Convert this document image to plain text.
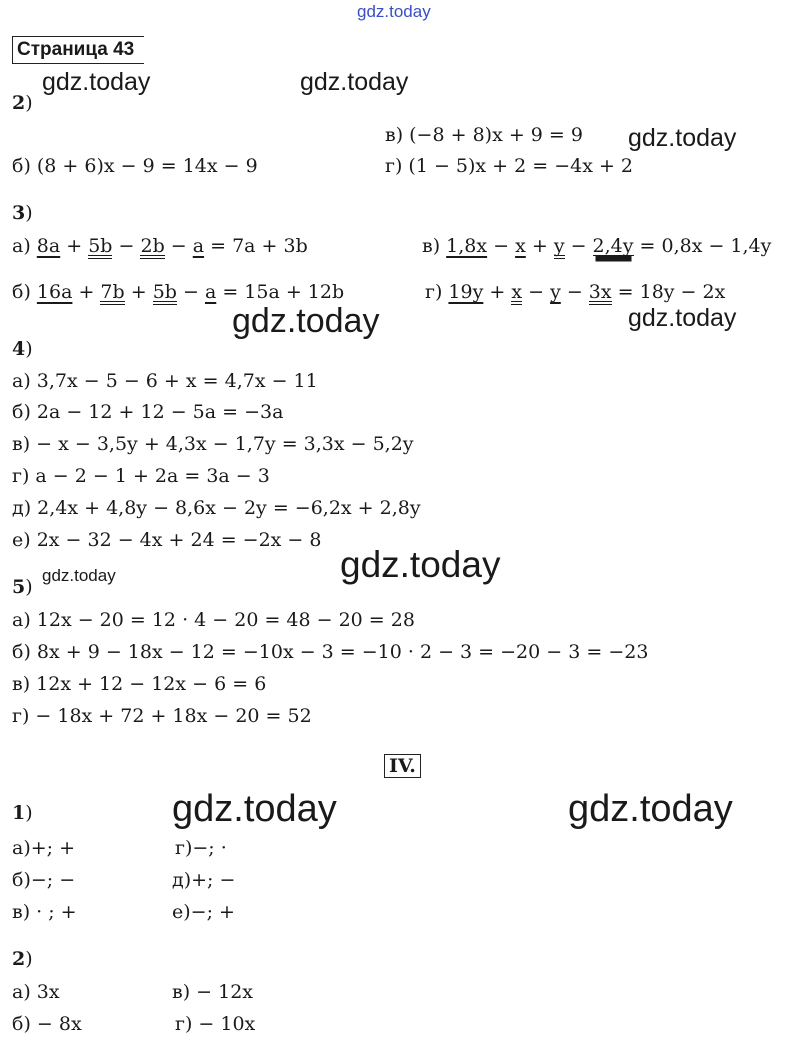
gdz.today
Страница 43
gdz.today	gdz.today
gdz.today
gdz.today	gdz.today
gdz.today
gdz.today
gdz.today	gdz.today
2)
в) (−8 + 8)x + 9 = 9
б) (8 + 6)x − 9 = 14x − 9	г) (1 − 5)x + 2 = −4x + 2
3)
а) 8a + 5b − 2b − a = 7a + 3b	в) 1,8x − x + y − 2,4y = 0,8x − 1,4y
б) 16a + 7b + 5b − a = 15a + 12b	г) 19y + x − y − 3x = 18y − 2x
4)
а) 3,7x − 5 − 6 + x = 4,7x − 11
б) 2a − 12 + 12 − 5a = −3a
в) − x − 3,5y + 4,3x − 1,7y = 3,3x − 5,2y
г) a − 2 − 1 + 2a = 3a − 3
д) 2,4x + 4,8y − 8,6x − 2y = −6,2x + 2,8y
е) 2x − 32 − 4x + 24 = −2x − 8
5)
а) 12x − 20 = 12 · 4 − 20 = 48 − 20 = 28
б) 8x + 9 − 18x − 12 = −10x − 3 = −10 · 2 − 3 = −20 − 3 = −23
в) 12x + 12 − 12x − 6 = 6
г) − 18x + 72 + 18x − 20 = 52
IV.
1)
а)+; +	г)−; ·
б)−; −	д)+; −
в) · ; +	е)−; +
2)
а) 3x	в) − 12x
б) − 8x	г) − 10x
